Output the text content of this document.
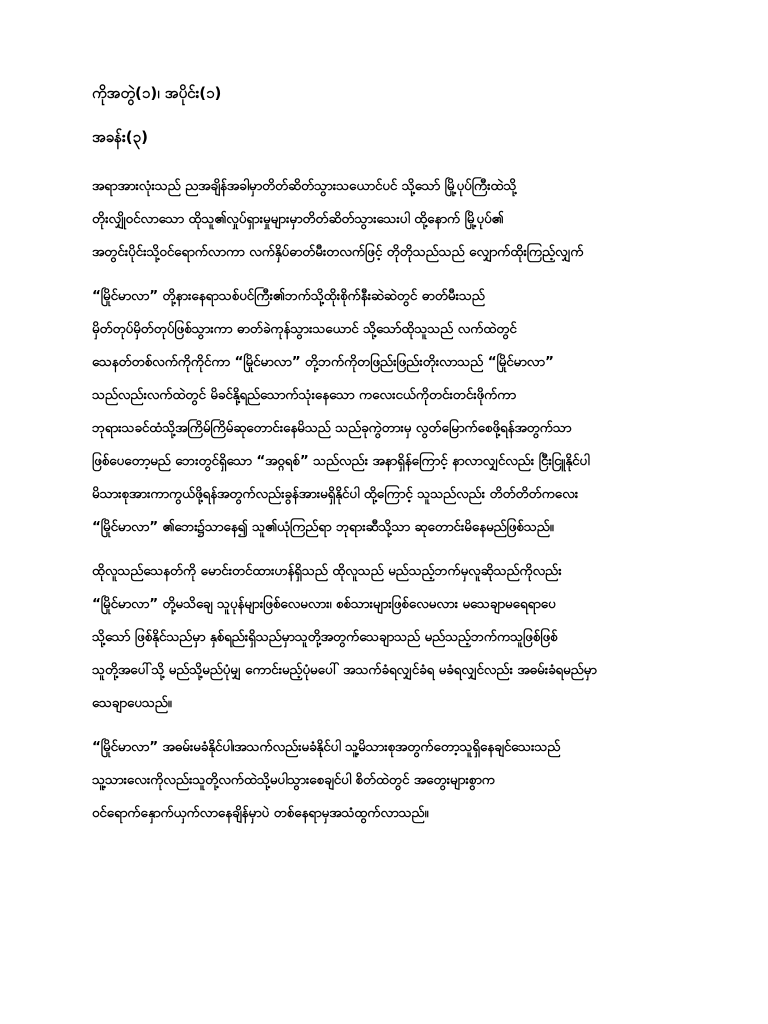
ကိုအတွဲ(၁)၊ အပိုင်း(၁)
အခန်း(၃)
အရာအားလုံးသည် ညအချိန်အခါမှာတိတ်ဆိတ်သွားသယောင်ပင် သို့သော် မြို့ပုပ်ကြီးထဲသို့
တိုးလျှိုဝင်လာသော ထိုသူ၏လှုပ်ရှားမှုများမှာတိတ်ဆိတ်သွားသေးပါ ထို့နောက် မြို့ပုပ်၏
အတွင်းပိုင်းသို့ဝင်ရောက်လာကာ လက်နှိပ်ဓာတ်မီးတလက်ဖြင့် တိုတိုသည်သည် လျှောက်ထိုးကြည့်လျှက်
“မြိုင်မာလာ” တို့နားနေရာသစ်ပင်ကြီး၏ဘက်သို့ထိုးစိုက်နီးဆဲဆဲတွင် ဓာတ်မီးသည်
မှိတ်တုပ်မှိတ်တုပ်ဖြစ်သွားကာ ဓာတ်ခဲကုန်သွားသယောင် သို့သော်ထိုသူသည် လက်ထဲတွင်
သေနတ်တစ်လက်ကိုကိုင်ကာ “မြိုင်မာလာ” တို့ဘက်ကိုတဖြည်းဖြည်းတိုးလာသည် “မြိုင်မာလာ”
သည်လည်းလက်ထဲတွင် မိခင်နို့ရည်သောက်သုံးနေသော ကလေးငယ်ကိုတင်းတင်းဖိုက်ကာ
ဘုရားသခင်ထံသို့အကြိမ်ကြိမ်ဆုတောင်းနေမိသည် သည်ခုကွဲတားမှ လွတ်မြောက်စေဖို့ရန်အတွက်သာ
ဖြစ်ပေတော့မည် ဘေးတွင်ရှိသော “အဝ္ဂရစ်” သည်လည်း အနာရှိန်ကြောင့် နာလာလျှင်လည်း ငြီးငြူနိုင်ပါ
မိသားစုအားကာကွယ်ဖို့ရန်အတွက်လည်းခွန်အားမရှိနိုင်ပါ ထို့ကြောင့် သူသည်လည်း တိတ်တိတ်ကလေး
“မြိုင်မာလာ” ၏ဘေး၌သာနေ၍ သူ၏ယုံကြည်ရာ ဘုရားဆီသို့သာ ဆုတောင်းမိနေမည်ဖြစ်သည်။
ထိုလူသည်သေနတ်ကို မောင်းတင်ထားဟန်ရှိသည် ထိုလူသည် မည်သည့်ဘက်မှလူဆိုသည်ကိုလည်း
“မြိုင်မာလာ” တို့မသိချေ သူပုန်များဖြစ်လေမလား၊ စစ်သားများဖြစ်လေမလား မသေချာမရေရာပေ
သို့သော် ဖြစ်နိုင်သည်မှာ နှစ်ရည်းရှိသည်မှာသူတို့အတွက်သေချာသည် မည်သည့်ဘက်ကသူဖြစ်ဖြစ်
သူတို့အပေါ်သို့ မည်သို့မည်ပုံမျှ ကောင်းမည့်ပုံမပေါ် အသက်ခံရလျှင်ခံရ မခံရလျှင်လည်း အဓမ်းခံရမည်မှာ
သေချာပေသည်။
“မြိုင်မာလာ” အဓမ်းမခံနိုင်ပါ၊အသက်လည်းမခံနိုင်ပါ သူ့မိသားစုအတွက်တော့သူရှိနေချင်သေးသည်
သူ့သားလေးကိုလည်းသူတို့လက်ထဲသို့မပါသွားစေချင်ပါ စိတ်ထဲတွင် အတွေးများစွာက
ဝင်ရောက်နှောက်ယှက်လာနေချိန်မှာပဲ တစ်နေရာမှအသံထွက်လာသည်။
